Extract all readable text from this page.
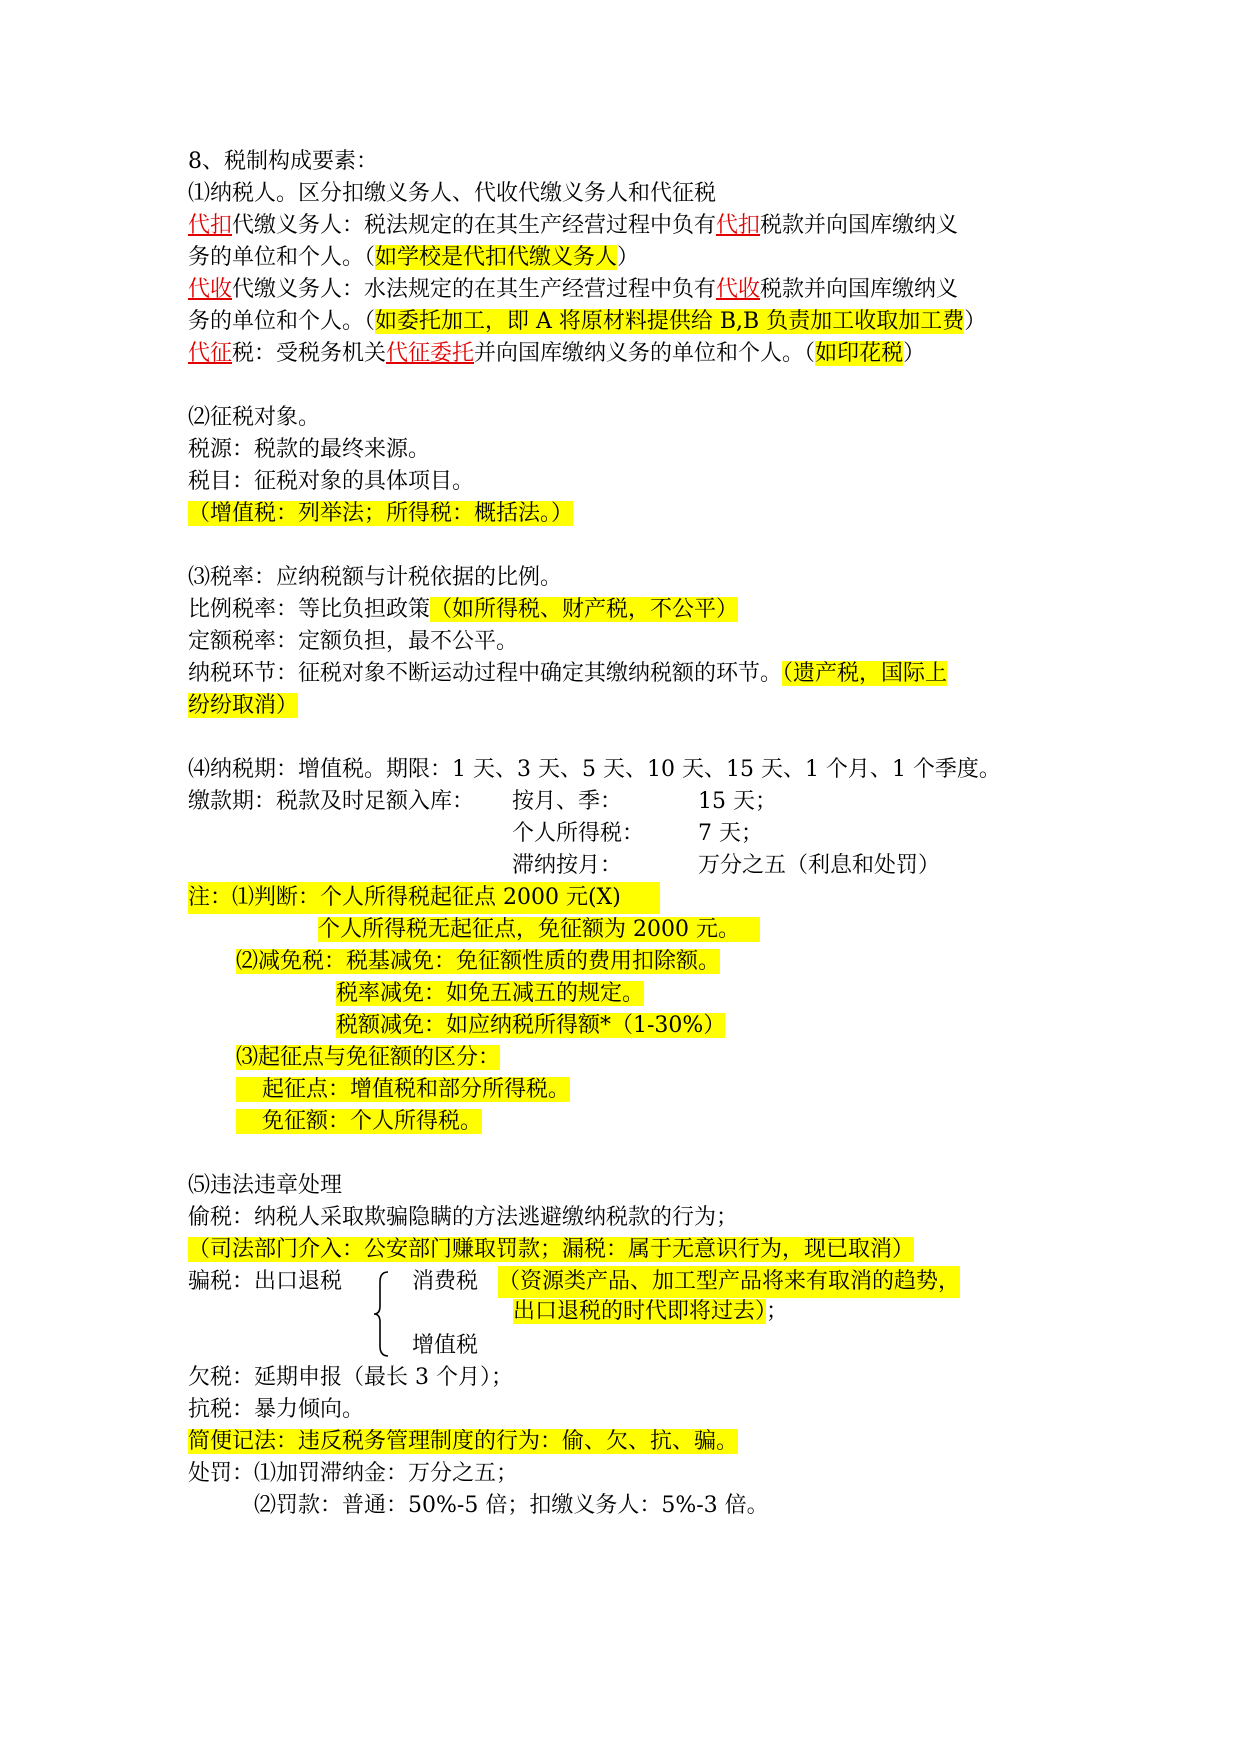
8、税制构成要素：
⑴纳税人。区分扣缴义务人、代收代缴义务人和代征税
代扣代缴义务人：税法规定的在其生产经营过程中负有代扣税款并向国库缴纳义
务的单位和个人。（如学校是代扣代缴义务人）
代收代缴义务人：水法规定的在其生产经营过程中负有代收税款并向国库缴纳义
务的单位和个人。（如委托加工，即 A 将原材料提供给 B,B 负责加工收取加工费）
代征税：受税务机关代征委托并向国库缴纳义务的单位和个人。（如印花税）
⑵征税对象。
税源：税款的最终来源。
税目：征税对象的具体项目。
（增值税：列举法；所得税：概括法。）
⑶税率：应纳税额与计税依据的比例。
比例税率：等比负担政策（如所得税、财产税，不公平）
定额税率：定额负担，最不公平。
纳税环节：征税对象不断运动过程中确定其缴纳税额的环节。（遗产税，国际上
纷纷取消）
⑷纳税期：增值税。期限：1 天、3 天、5 天、10 天、15 天、1 个月、1 个季度。
缴款期：税款及时足额入库： 按月、季：	15 天；
个人所得税： 7 天；
滞纳按月：	万分之五（利息和处罚）
注：⑴判断：个人所得税起征点 2000 元(X)
个人所得税无起征点，免征额为 2000 元。
⑵减免税：税基减免：免征额性质的费用扣除额。
税率减免：如免五减五的规定。
税额减免：如应纳税所得额*（1-30%）
⑶起征点与免征额的区分：
起征点：增值税和部分所得税。
免征额：个人所得税。
⑸违法违章处理
偷税：纳税人采取欺骗隐瞒的方法逃避缴纳税款的行为；
（司法部门介入：公安部门赚取罚款；漏税：属于无意识行为，现已取消）
骗税：出口退税	消费税 （资源类产品、加工型产品将来有取消的趋势，
出口退税的时代即将过去）；
增值税
欠税：延期申报（最长 3 个月）；
抗税：暴力倾向。
简便记法：违反税务管理制度的行为：偷、欠、抗、骗。
处罚：⑴加罚滞纳金：万分之五；
⑵罚款：普通：50%-5 倍；扣缴义务人：5%-3 倍。
